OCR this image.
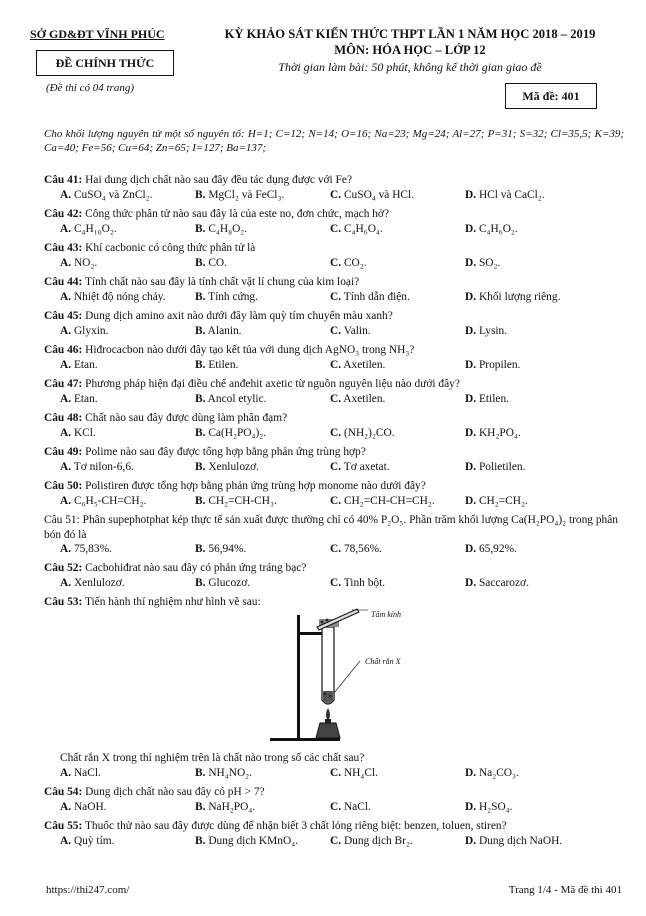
SỞ GD&ĐT VĨNH PHÚC
ĐỀ CHÍNH THỨC
(Đề thi có 04 trang)
KỲ KHẢO SÁT KIẾN THỨC THPT LẦN 1 NĂM HỌC 2018 – 2019
MÔN: HÓA HỌC – LỚP 12
Thời gian làm bài: 50 phút, không kể thời gian giao đề
Mã đề: 401
Cho khối lượng nguyên tử một số nguyên tố: H=1; C=12; N=14; O=16; Na=23; Mg=24; Al=27; P=31; S=32; Cl=35,5; K=39; Ca=40; Fe=56; Cu=64; Zn=65; I=127; Ba=137;
Câu 41: Hai dung dịch chất nào sau đây đều tác dụng được với Fe?
A. CuSO₄ và ZnCl₂.	B. MgCl₂ và FeCl₃.	C. CuSO₄ và HCl.	D. HCl và CaCl₂.
Câu 42: Công thức phân tử nào sau đây là của este no, đơn chức, mạch hở?
A. C₄H₁₀O₂.	B. C₄H₈O₂.	C. C₄H₆O₄.	D. C₄H₆O₂.
Câu 43: Khí cacbonic có công thức phân tử là
A. NO₂.	B. CO.	C. CO₂.	D. SO₂.
Câu 44: Tính chất nào sau đây là tính chất vật lí chung của kim loại?
A. Nhiệt độ nóng chảy.	B. Tính cứng.	C. Tính dẫn điện.	D. Khối lượng riêng.
Câu 45: Dung dịch amino axit nào dưới đây làm quỳ tím chuyển màu xanh?
A. Glyxin.	B. Alanin.	C. Valin.	D. Lysin.
Câu 46: Hiđrocacbon nào dưới đây tạo kết tủa với dung dịch AgNO₃ trong NH₃?
A. Etan.	B. Etilen.	C. Axetilen.	D. Propilen.
Câu 47: Phương pháp hiện đại điều chế anđehit axetic từ nguồn nguyên liệu nào dưới đây?
A. Etan.	B. Ancol etylic.	C. Axetilen.	D. Etilen.
Câu 48: Chất nào sau đây được dùng làm phân đạm?
A. KCl.	B. Ca(H₂PO₄)₂.	C. (NH₂)₂CO.	D. KH₂PO₄.
Câu 49: Polime nào sau đây được tổng hợp bằng phản ứng trùng hợp?
A. Tơ nilon-6,6.	B. Xenlulozơ.	C. Tơ axetat.	D. Polietilen.
Câu 50: Polistiren được tổng hợp bằng phản ứng trùng hợp monome nào dưới đây?
A. C₆H₅-CH=CH₂.	B. CH₂=CH-CH₃.	C. CH₂=CH-CH=CH₂.	D. CH₂=CH₂.
Câu 51: Phân supephotphat kép thực tế sản xuất được thường chỉ có 40% P₂O₅. Phần trăm khối lượng Ca(H₂PO₄)₂ trong phân bón đó là
A. 75,83%.	B. 56,94%.	C. 78,56%.	D. 65,92%.
Câu 52: Cacbohiđrat nào sau đây có phản ứng tráng bạc?
A. Xenlulozơ.	B. Glucozơ.	C. Tinh bột.	D. Saccarozơ.
Câu 53: Tiến hành thí nghiệm như hình vẽ sau:
Chất rắn X trong thí nghiệm trên là chất nào trong số các chất sau?
A. NaCl.	B. NH₄NO₂.	C. NH₄Cl.	D. Na₂CO₃.
Câu 54: Dung dịch chất nào sau đây có pH > 7?
A. NaOH.	B. NaH₂PO₄.	C. NaCl.	D. H₂SO₄.
Câu 55: Thuốc thử nào sau đây được dùng để nhận biết 3 chất lỏng riêng biệt: benzen, toluen, stiren?
A. Quỳ tím.	B. Dung dịch KMnO₄.	C. Dung dịch Br₂.	D. Dung dịch NaOH.
Tấm kính
Chất rắn X
https://thi247.com/	Trang 1/4 - Mã đề thi 401
